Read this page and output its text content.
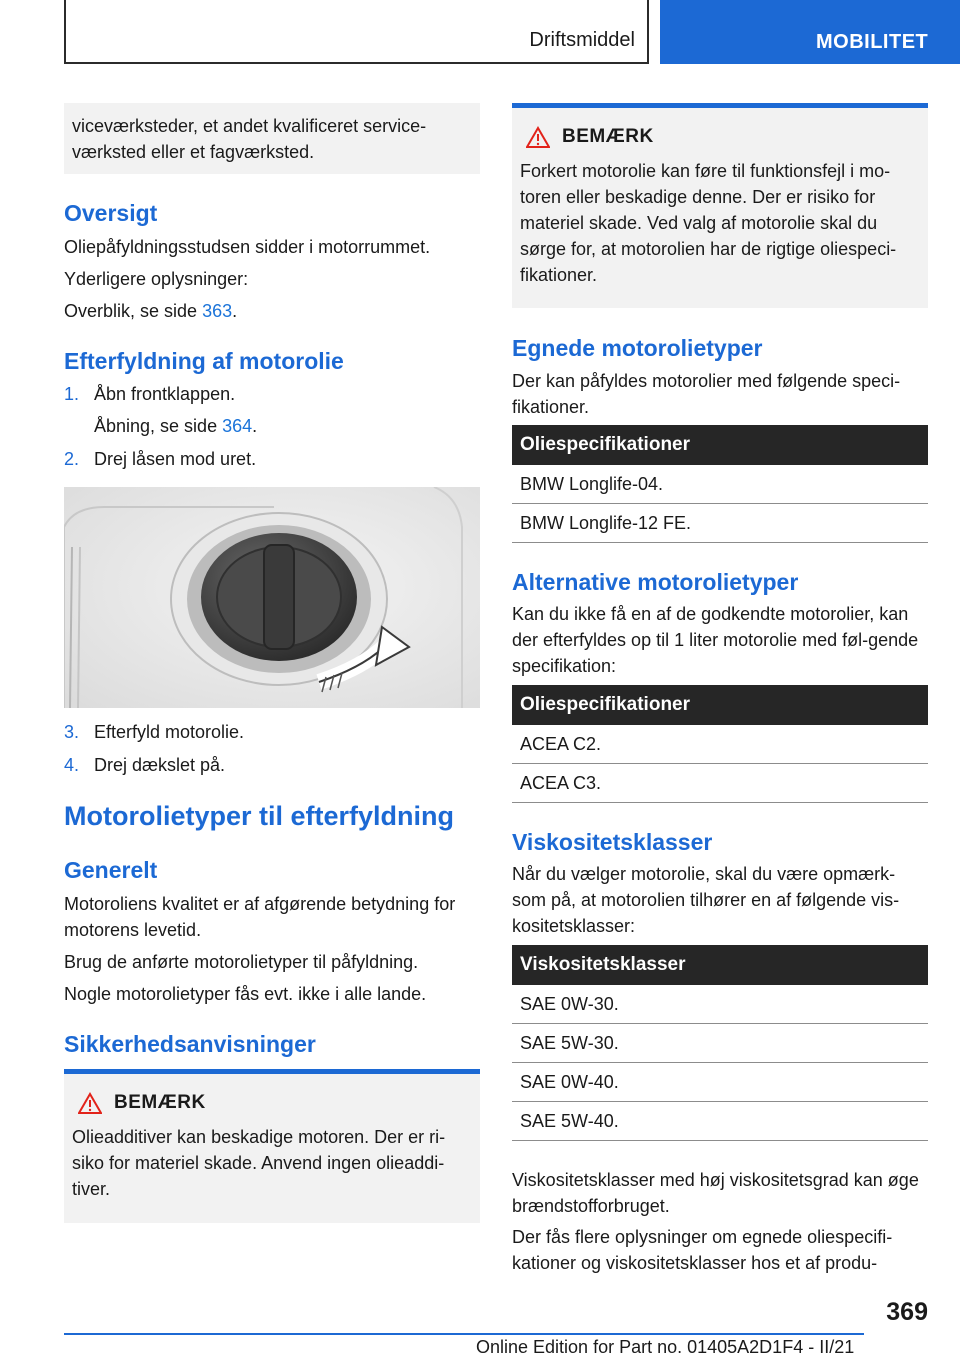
Driftsmiddel	MOBILITET

viceværksteder, et andet kvalificeret service-værksted eller et fagværksted.

Oversigt

Oliepåfyldningsstudsen sidder i motorrummet.

Yderligere oplysninger:

Overblik, se side 363.

Efterfyldning af motorolie
1. Åbn frontklappen.
Åbning, se side 364.
2. Drej låsen mod uret.
3. Efterfyld motorolie.
4. Drej dækslet på.
Motorolietyper til efterfyldning
Generelt

Motoroliens kvalitet er af afgørende betydning for motorens levetid.

Brug de anførte motorolietyper til påfyldning.

Nogle motorolietyper fås evt. ikke i alle lande.

Sikkerhedsanvisninger
BEMÆRK

Olieadditiver kan beskadige motoren. Der er ri-siko for materiel skade. Anvend ingen olieaddi-tiver.

BEMÆRK

Forkert motorolie kan føre til funktionsfejl i mo-toren eller beskadige denne. Der er risiko for materiel skade. Ved valg af motorolie skal du sørge for, at motorolien har de rigtige oliespeci-fikationer.

Egnede motorolietyper

Der kan påfyldes motorolier med følgende speci-fikationer.

Oliespecifikationer
BMW Longlife-04.
BMW Longlife-12 FE.
Alternative motorolietyper

Kan du ikke få en af de godkendte motorolier, kan der efterfyldes op til 1 liter motorolie med føl-gende specifikation:

Oliespecifikationer
ACEA C2.
ACEA C3.
Viskositetsklasser

Når du vælger motorolie, skal du være opmærk-som på, at motorolien tilhører en af følgende vis-kositetsklasser:

Viskositetsklasser
SAE 0W-30.
SAE 5W-30.
SAE 0W-40.
SAE 5W-40.

Viskositetsklasser med høj viskositetsgrad kan øge brændstofforbruget.

Der fås flere oplysninger om egnede oliespecifi-kationer og viskositetsklasser hos et af produ-

369
Online Edition for Part no. 01405A2D1F4 - II/21
